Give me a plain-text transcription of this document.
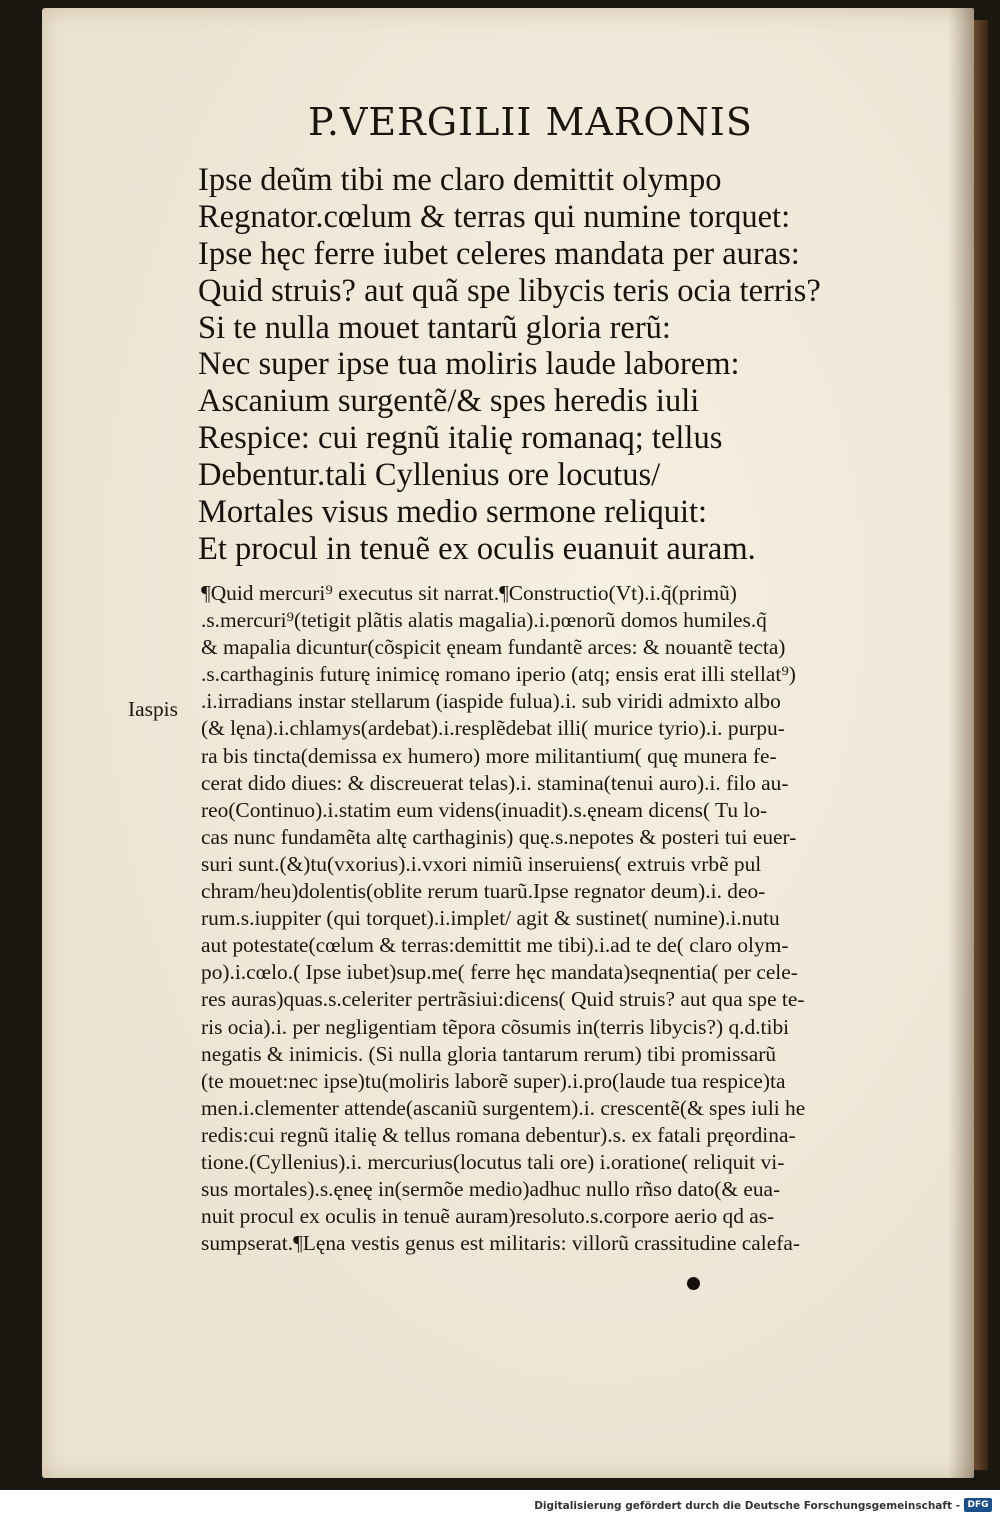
P.VERGILII MARONIS
Ipse deũm tibi me claro demittit olympo
Regnator.cœlum & terras qui numine torquet:
Ipse hęc ferre iubet celeres mandata per auras:
Quid struis? aut quã spe libycis teris ocia terris?
Si te nulla mouet tantarũ gloria rerũ:
Nec super ipse tua moliris laude laborem:
Ascanium surgentẽ/& spes heredis iuli
Respice: cui regnũ italię romanaq; tellus
Debentur.tali Cyllenius ore locutus/
Mortales visus medio sermone reliquit:
Et procul in tenuẽ ex oculis euanuit auram.
Iaspis
¶Quid mercuri⁹ executus sit narrat.¶Constructio(Vt).i.q̃(primũ)
.s.mercuri⁹(tetigit plãtis alatis magalia).i.pœnorũ domos humiles.q̃
& mapalia dicuntur(cõspicit ęneam fundantẽ arces: & nouantẽ tecta)
.s.carthaginis futurę inimicę romano iperio (atq; ensis erat illi stellat⁹)
.i.irradians instar stellarum (iaspide fulua).i. sub viridi admixto albo
(& lęna).i.chlamys(ardebat).i.resplẽdebat illi( murice tyrio).i. purpu-
ra bis tincta(demissa ex humero) more militantium( quę munera fe-
cerat dido diues: & discreuerat telas).i. stamina(tenui auro).i. filo au-
reo(Continuo).i.statim eum videns(inuadit).s.ęneam dicens( Tu lo-
cas nunc fundamẽta altę carthaginis) quę.s.nepotes & posteri tui euer-
suri sunt.(&)tu(vxorius).i.vxori nimiũ inseruiens( extruis vrbẽ pul
chram/heu)dolentis(oblite rerum tuarũ.Ipse regnator deum).i. deo-
rum.s.iuppiter (qui torquet).i.implet/ agit & sustinet( numine).i.nutu
aut potestate(cœlum & terras:demittit me tibi).i.ad te de( claro olym-
po).i.cœlo.( Ipse iubet)sup.me( ferre hęc mandata)seqnentia( per cele-
res auras)quas.s.celeriter pertrãsiui:dicens( Quid struis? aut qua spe te-
ris ocia).i. per negligentiam tẽpora cõsumis in(terris libycis?) q.d.tibi
negatis & inimicis. (Si nulla gloria tantarum rerum) tibi promissarũ
(te mouet:nec ipse)tu(moliris laborẽ super).i.pro(laude tua respice)ta
men.i.clementer attende(ascaniũ surgentem).i. crescentẽ(& spes iuli he
redis:cui regnũ italię & tellus romana debentur).s. ex fatali pręordina-
tione.(Cyllenius).i. mercurius(locutus tali ore) i.oratione( reliquit vi-
sus mortales).s.ęneę in(sermõe medio)adhuc nullo rñso dato(& eua-
nuit procul ex oculis in tenuẽ auram)resoluto.s.corpore aerio qd as-
sumpserat.¶Lęna vestis genus est militaris: villorũ crassitudine calefa-
Digitalisierung gefördert durch die Deutsche Forschungsgemeinschaft - DFG
